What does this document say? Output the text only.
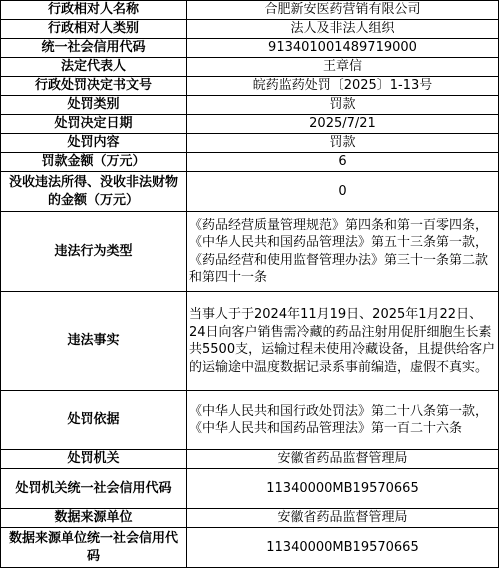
行政相对人名称	合肥新安医药营销有限公司
行政相对人类别	法人及非法人组织
统一社会信用代码	913401001489719000
法定代表人	王章信
行政处罚决定书文号	皖药监药处罚〔2025〕1-13号
处罚类别	罚款
处罚决定日期	2025/7/21
处罚内容	罚款
罚款金额（万元）	6
没收违法所得、没收非法财物的金额（万元）	0
违法行为类型	《药品经营质量管理规范》第四条和第一百零四条，《中华人民共和国药品管理法》第五十三条第一款，《药品经营和使用监督管理办法》第三十一条第二款和第四十一条
违法事实	当事人于于2024年11月19日、2025年1月22日、24日向客户销售需冷藏的药品注射用促肝细胞生长素共5500支，运输过程未使用冷藏设备，且提供给客户的运输途中温度数据记录系事前编造，虚假不真实。
处罚依据	《中华人民共和国行政处罚法》第二十八条第一款，《中华人民共和国药品管理法》第一百二十六条
处罚机关	安徽省药品监督管理局
处罚机关统一社会信用代码	11340000MB19570665
数据来源单位	安徽省药品监督管理局
数据来源单位统一社会信用代码	11340000MB19570665
